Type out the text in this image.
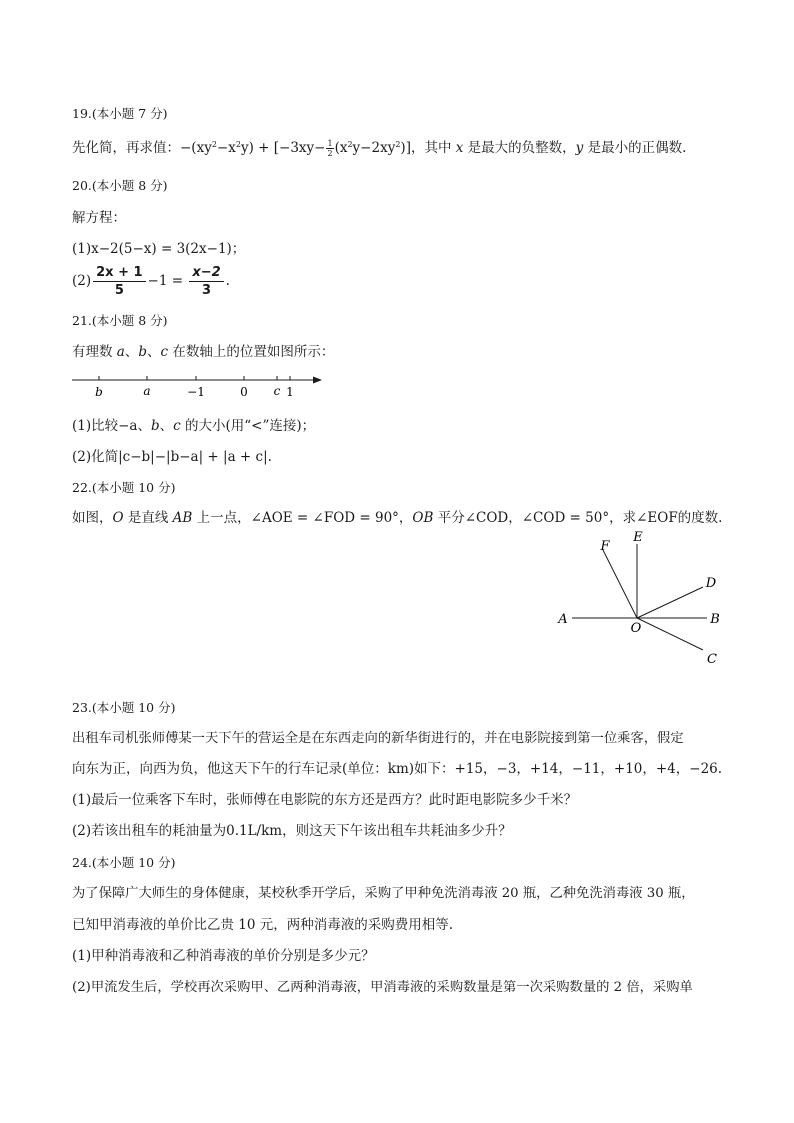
19.(本小题 7 分)
先化简，再求值：$-(xy^2-x^2y) + [-3xy- \frac{1}{2}(x^2y-2xy^2)]$，其中 x 是最大的负整数，y 是最小的正偶数.
20.(本小题 8 分)
解方程：
(1)x−2(5−x) = 3(2x−1)；
$(2) \frac{2x + 1}{5} -1 = \frac{x-2}{3}$ .
21.(本小题 8 分)
有理数 a、b、c 在数轴上的位置如图所示：
b	a	−1	0 c 1
(1)比较−a、b、c 的大小(用“<”连接)；
(2)化简|c−b|−|b−a| + |a + c|.
22.(本小题 10 分)
如图，O 是直线 AB 上一点，∠AOE = ∠FOD = 90°，OB 平分∠COD，∠COD = 50°，求∠EOF的度数.
F
E
D
A
O
B
C
23.(本小题 10 分)
出租车司机张师傅某一天下午的营运全是在东西走向的新华街进行的，并在电影院接到第一位乘客，假定
向东为正，向西为负，他这天下午的行车记录(单位：km)如下：+15，−3，+14，−11，+10，+4，−26.
(1)最后一位乘客下车时，张师傅在电影院的东方还是西方？此时距电影院多少千米？
(2)若该出租车的耗油量为0.1L/km，则这天下午该出租车共耗油多少升？
24.(本小题 10 分)
为了保障广大师生的身体健康，某校秋季开学后，采购了甲种免洗消毒液 20 瓶，乙种免洗消毒液 30 瓶，
已知甲消毒液的单价比乙贵 10 元，两种消毒液的采购费用相等.
(1)甲种消毒液和乙种消毒液的单价分别是多少元？
(2)甲流发生后，学校再次采购甲、乙两种消毒液，甲消毒液的采购数量是第一次采购数量的 2 倍，采购单
